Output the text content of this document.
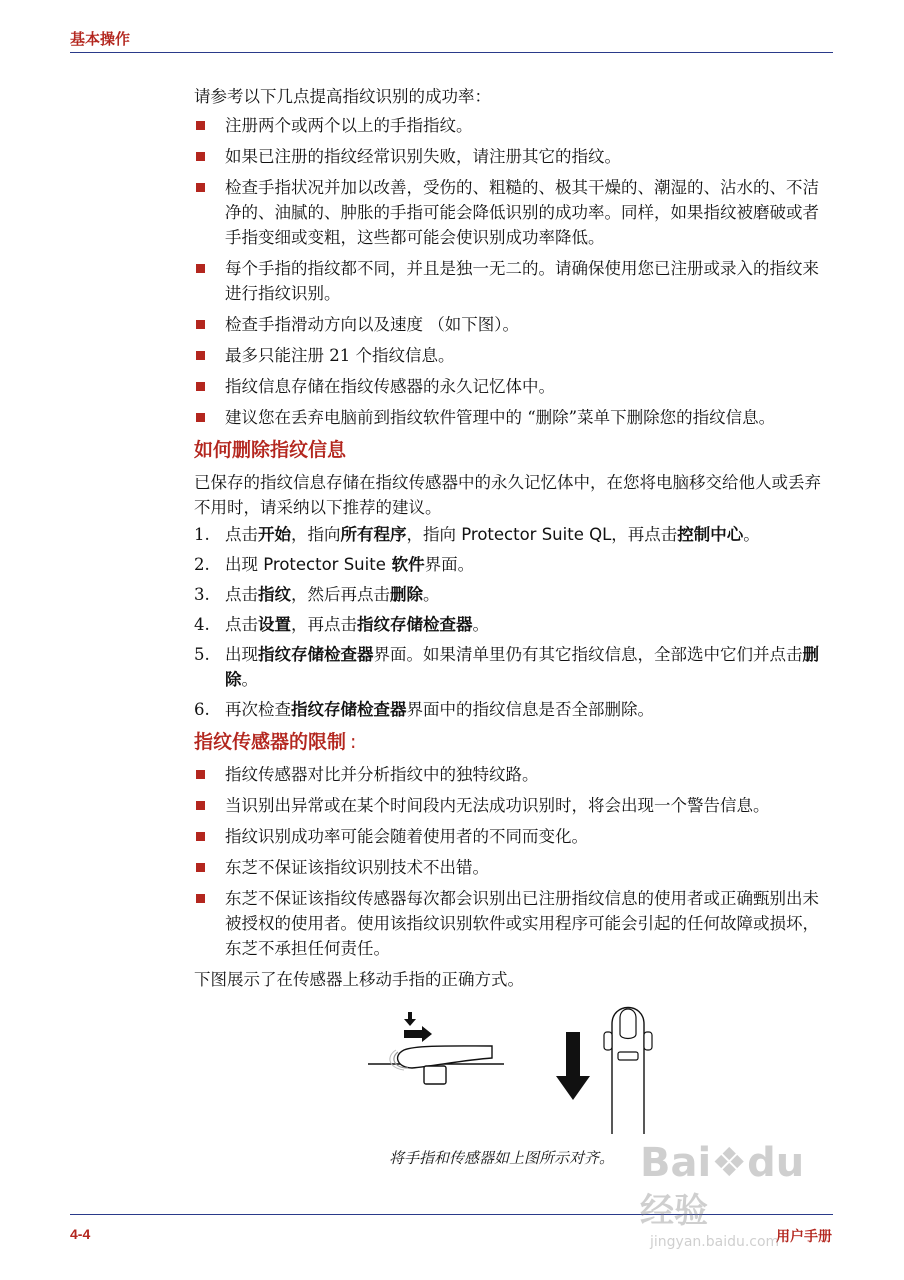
基本操作

请参考以下几点提高指纹识别的成功率：

注册两个或两个以上的手指指纹。
如果已注册的指纹经常识别失败，请注册其它的指纹。
检查手指状况并加以改善，受伤的、粗糙的、极其干燥的、潮湿的、沾水的、不洁净的、油腻的、肿胀的手指可能会降低识别的成功率。同样，如果指纹被磨破或者手指变细或变粗，这些都可能会使识别成功率降低。
每个手指的指纹都不同，并且是独一无二的。请确保使用您已注册或录入的指纹来进行指纹识别。
检查手指滑动方向以及速度 （如下图）。
最多只能注册 21 个指纹信息。
指纹信息存储在指纹传感器的永久记忆体中。
建议您在丢弃电脑前到指纹软件管理中的 “删除”菜单下删除您的指纹信息。
如何删除指纹信息

已保存的指纹信息存储在指纹传感器中的永久记忆体中，在您将电脑移交给他人或丢弃不用时，请采纳以下推荐的建议。

1. 点击开始，指向所有程序，指向 Protector Suite QL，再点击控制中心。
2. 出现 Protector Suite 软件界面。
3. 点击指纹，然后再点击删除。
4. 点击设置，再点击指纹存储检查器。
5. 出现指纹存储检查器界面。如果清单里仍有其它指纹信息，全部选中它们并点击删除。
6. 再次检查指纹存储检查器界面中的指纹信息是否全部删除。
指纹传感器的限制 :
指纹传感器对比并分析指纹中的独特纹路。
当识别出异常或在某个时间段内无法成功识别时，将会出现一个警告信息。
指纹识别成功率可能会随着使用者的不同而变化。
东芝不保证该指纹识别技术不出错。
东芝不保证该指纹传感器每次都会识别出已注册指纹信息的使用者或正确甄别出未被授权的使用者。使用该指纹识别软件或实用程序可能会引起的任何故障或损坏，东芝不承担任何责任。

下图展示了在传感器上移动手指的正确方式。

将手指和传感器如上图所示对齐。
4-4	用户手册
Bai❖du 经验
jingyan.baidu.com
